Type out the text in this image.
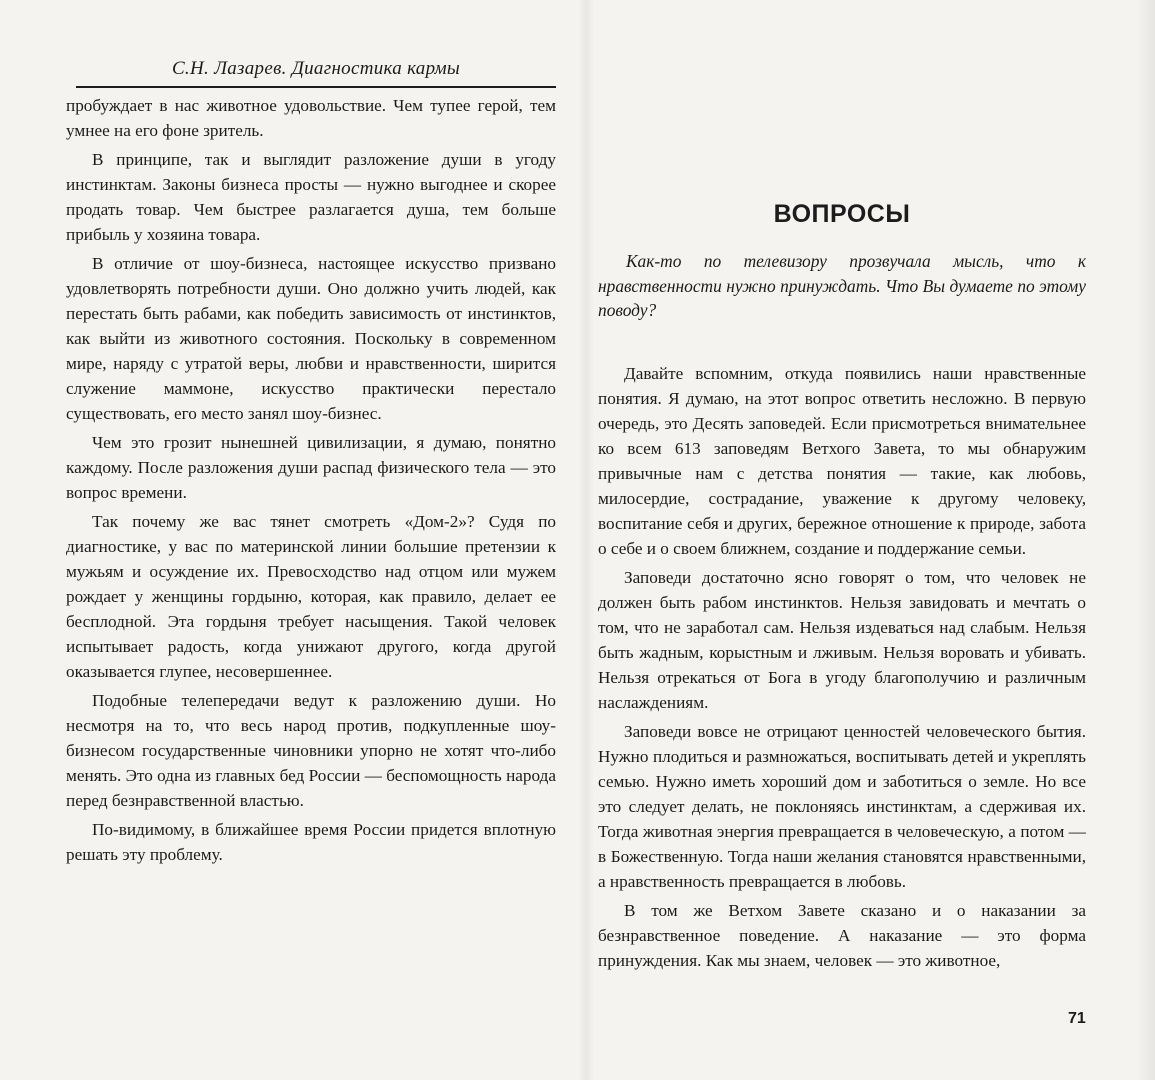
С.Н. Лазарев. Диагностика кармы

пробуждает в нас животное удовольствие. Чем тупее герой, тем умнее на его фоне зритель.

В принципе, так и выглядит разложение души в угоду инстинктам. Законы бизнеса просты — нужно выгоднее и скорее продать товар. Чем быстрее разлагается душа, тем больше прибыль у хозяина товара.

В отличие от шоу-бизнеса, настоящее искусство призвано удовлетворять потребности души. Оно должно учить людей, как перестать быть рабами, как победить зависимость от инстинктов, как выйти из животного состояния. Поскольку в современном мире, наряду с утратой веры, любви и нравственности, ширится служение маммоне, искусство практически перестало существовать, его место занял шоу-бизнес.

Чем это грозит нынешней цивилизации, я думаю, понятно каждому. После разложения души распад физического тела — это вопрос времени.

Так почему же вас тянет смотреть «Дом-2»? Судя по диагностике, у вас по материнской линии большие претензии к мужьям и осуждение их. Превосходство над отцом или мужем рождает у женщины гордыню, которая, как правило, делает ее бесплодной. Эта гордыня требует насыщения. Такой человек испытывает радость, когда унижают другого, когда другой оказывается глупее, несовершеннее.

Подобные телепередачи ведут к разложению души. Но несмотря на то, что весь народ против, подкупленные шоу-бизнесом государственные чиновники упорно не хотят что-либо менять. Это одна из главных бед России — беспомощность народа перед безнравственной властью.

По-видимому, в ближайшее время России придется вплотную решать эту проблему.

ВОПРОСЫ

Как-то по телевизору прозвучала мысль, что к нравственности нужно принуждать. Что Вы думаете по этому поводу?

Давайте вспомним, откуда появились наши нравственные понятия. Я думаю, на этот вопрос ответить несложно. В первую очередь, это Десять заповедей. Если присмотреться внимательнее ко всем 613 заповедям Ветхого Завета, то мы обнаружим привычные нам с детства понятия — такие, как любовь, милосердие, сострадание, уважение к другому человеку, воспитание себя и других, бережное отношение к природе, забота о себе и о своем ближнем, создание и поддержание семьи.

Заповеди достаточно ясно говорят о том, что человек не должен быть рабом инстинктов. Нельзя завидовать и мечтать о том, что не заработал сам. Нельзя издеваться над слабым. Нельзя быть жадным, корыстным и лживым. Нельзя воровать и убивать. Нельзя отрекаться от Бога в угоду благополучию и различным наслаждениям.

Заповеди вовсе не отрицают ценностей человеческого бытия. Нужно плодиться и размножаться, воспитывать детей и укреплять семью. Нужно иметь хороший дом и заботиться о земле. Но все это следует делать, не поклоняясь инстинктам, а сдерживая их. Тогда животная энергия превращается в человеческую, а потом — в Божественную. Тогда наши желания становятся нравственными, а нравственность превращается в любовь.

В том же Ветхом Завете сказано и о наказании за безнравственное поведение. А наказание — это форма принуждения. Как мы знаем, человек — это животное,

71
